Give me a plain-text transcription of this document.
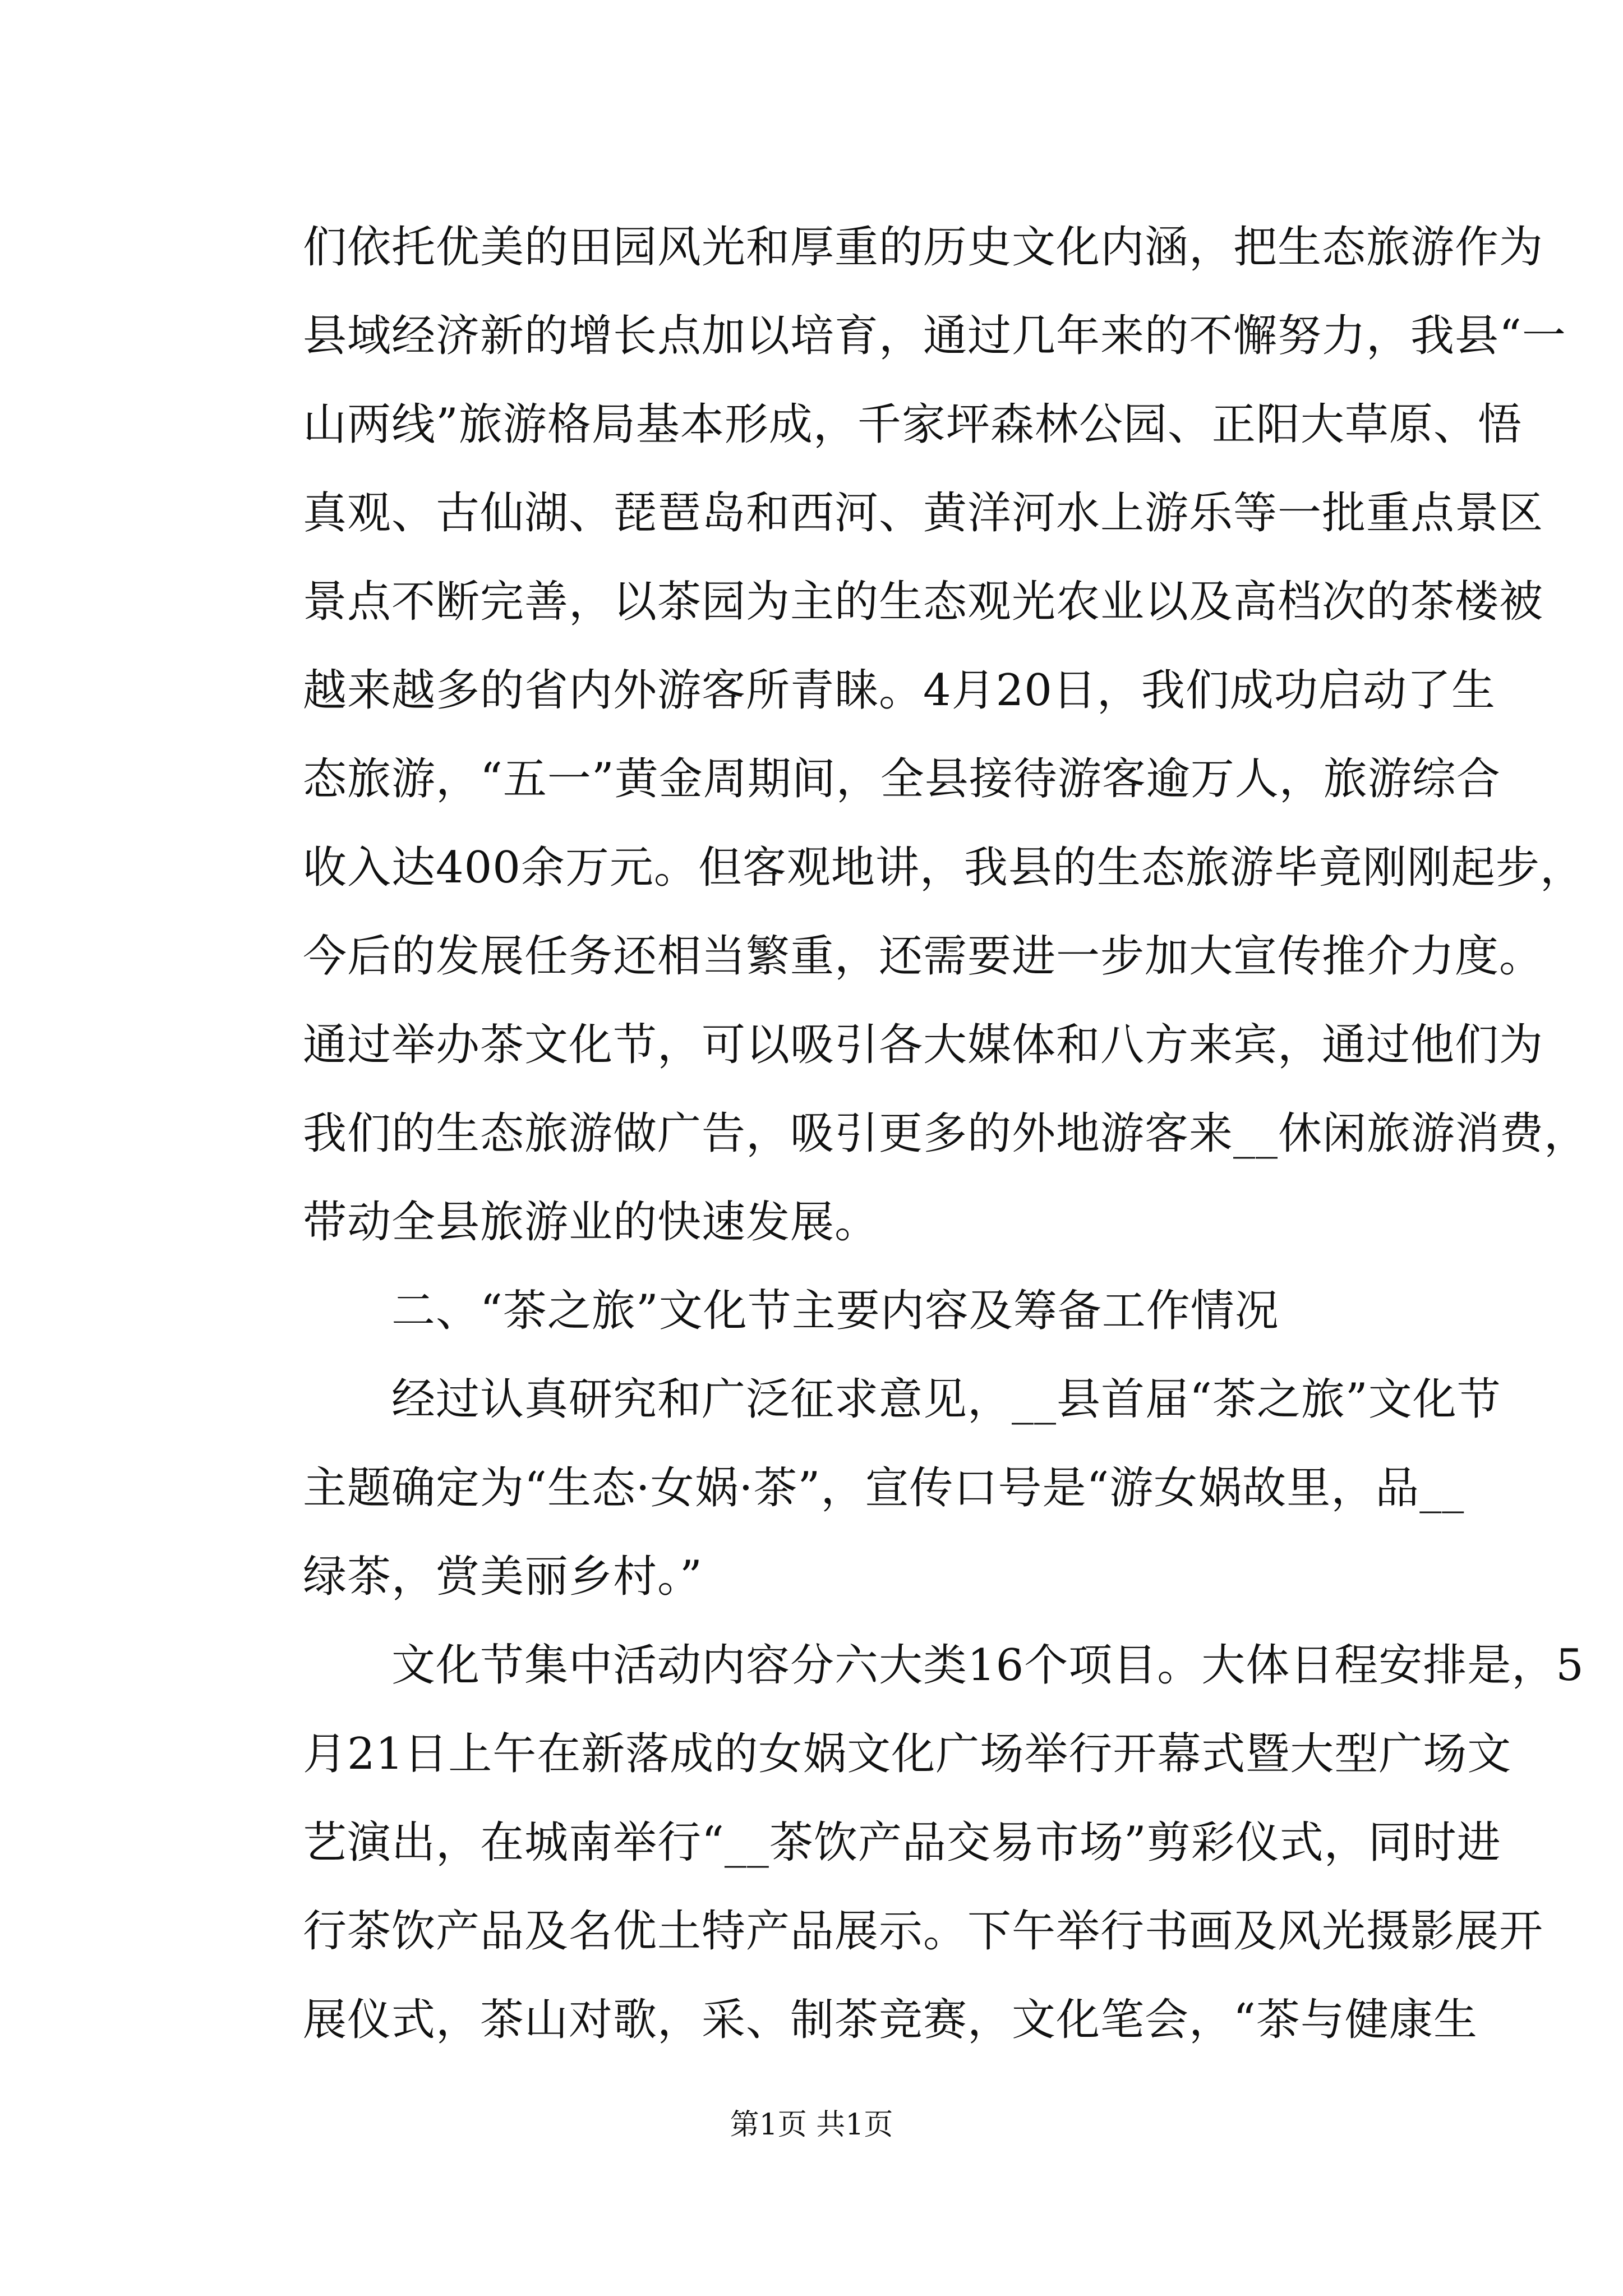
们依托优美的田园风光和厚重的历史文化内涵，把生态旅游作为
县域经济新的增长点加以培育，通过几年来的不懈努力，我县“一
山两线”旅游格局基本形成，千家坪森林公园、正阳大草原、悟
真观、古仙湖、琵琶岛和西河、黄洋河水上游乐等一批重点景区
景点不断完善，以茶园为主的生态观光农业以及高档次的茶楼被
越来越多的省内外游客所青睐。4月20日，我们成功启动了生
态旅游，“五一”黄金周期间，全县接待游客逾万人，旅游综合
收入达400余万元。但客观地讲，我县的生态旅游毕竟刚刚起步，
今后的发展任务还相当繁重，还需要进一步加大宣传推介力度。
通过举办茶文化节，可以吸引各大媒体和八方来宾，通过他们为
我们的生态旅游做广告，吸引更多的外地游客来__休闲旅游消费，
带动全县旅游业的快速发展。
　　二、“茶之旅”文化节主要内容及筹备工作情况
　　经过认真研究和广泛征求意见，__县首届“茶之旅”文化节
主题确定为“生态·女娲·茶”，宣传口号是“游女娲故里，品__
绿茶，赏美丽乡村。”
　　文化节集中活动内容分六大类16个项目。大体日程安排是，5
月21日上午在新落成的女娲文化广场举行开幕式暨大型广场文
艺演出，在城南举行“__茶饮产品交易市场”剪彩仪式，同时进
行茶饮产品及名优土特产品展示。下午举行书画及风光摄影展开
展仪式，茶山对歌，采、制茶竞赛，文化笔会，“茶与健康生
第1页 共1页
